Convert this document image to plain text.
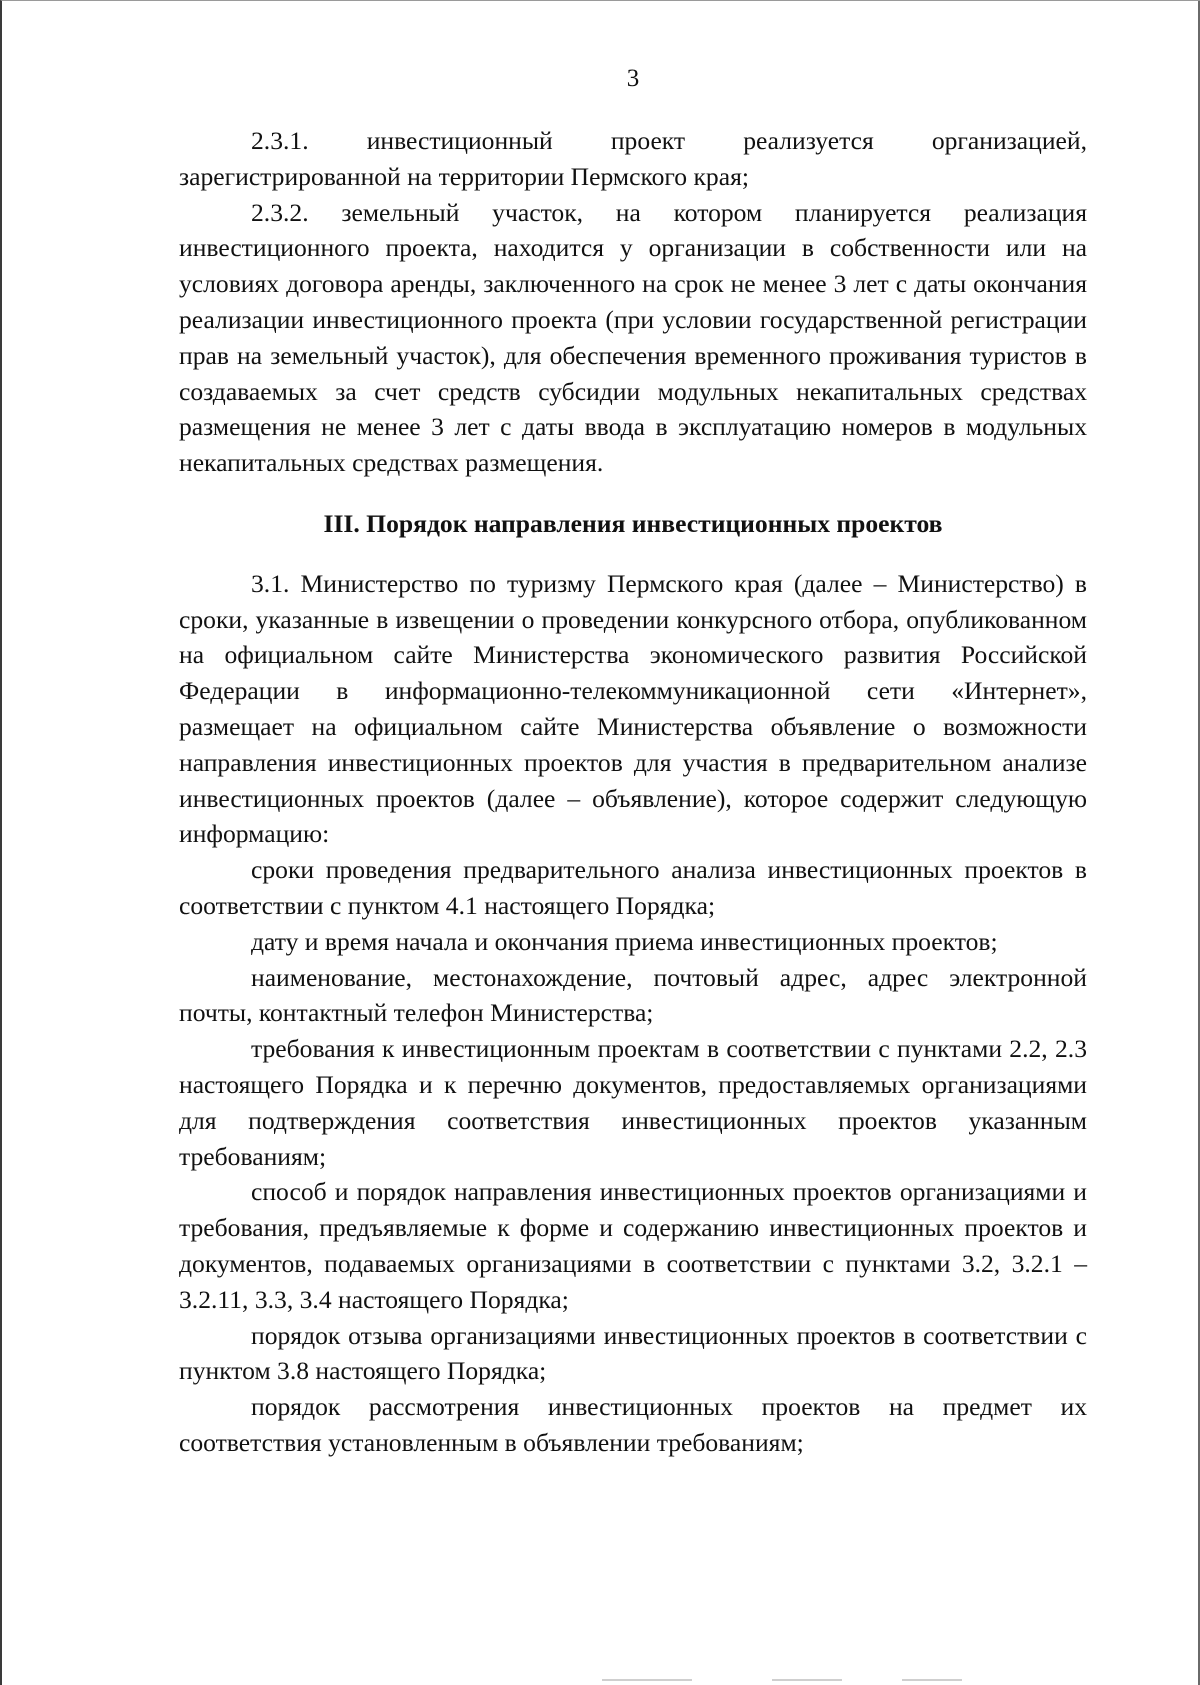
3

2.3.1. инвестиционный проект реализуется организацией, зарегистрированной на территории Пермского края;

2.3.2. земельный участок, на котором планируется реализация инвестиционного проекта, находится у организации в собственности или на условиях договора аренды, заключенного на срок не менее 3 лет с даты окончания реализации инвестиционного проекта (при условии государственной регистрации прав на земельный участок), для обеспечения временного проживания туристов в создаваемых за счет средств субсидии модульных некапитальных средствах размещения не менее 3 лет с даты ввода в эксплуатацию номеров в модульных некапитальных средствах размещения.

III. Порядок направления инвестиционных проектов

3.1. Министерство по туризму Пермского края (далее – Министерство) в сроки, указанные в извещении о проведении конкурсного отбора, опубликованном на официальном сайте Министерства экономического развития Российской Федерации в информационно-телекоммуникационной сети «Интернет», размещает на официальном сайте Министерства объявление о возможности направления инвестиционных проектов для участия в предварительном анализе инвестиционных проектов (далее – объявление), которое содержит следующую информацию:

сроки проведения предварительного анализа инвестиционных проектов в соответствии с пунктом 4.1 настоящего Порядка;

дату и время начала и окончания приема инвестиционных проектов;

наименование, местонахождение, почтовый адрес, адрес электронной почты, контактный телефон Министерства;

требования к инвестиционным проектам в соответствии с пунктами 2.2, 2.3 настоящего Порядка и к перечню документов, предоставляемых организациями для подтверждения соответствия инвестиционных проектов указанным требованиям;

способ и порядок направления инвестиционных проектов организациями и требования, предъявляемые к форме и содержанию инвестиционных проектов и документов, подаваемых организациями в соответствии с пунктами 3.2, 3.2.1 – 3.2.11, 3.3, 3.4 настоящего Порядка;

порядок отзыва организациями инвестиционных проектов в соответствии с пунктом 3.8 настоящего Порядка;

порядок рассмотрения инвестиционных проектов на предмет их соответствия установленным в объявлении требованиям;
